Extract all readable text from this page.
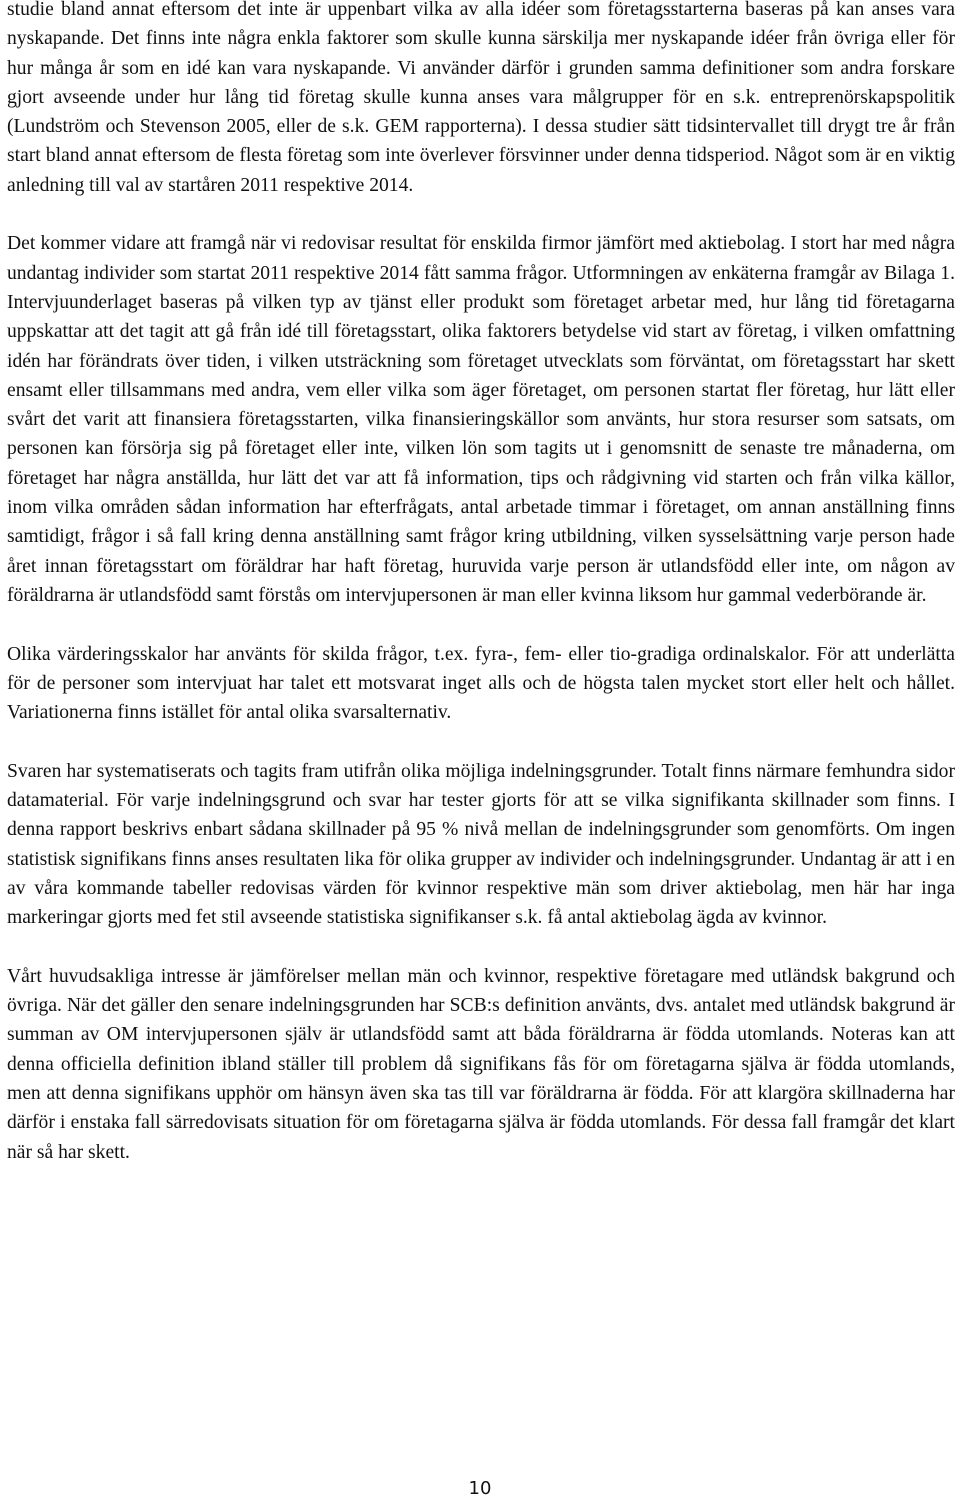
studie bland annat eftersom det inte är uppenbart vilka av alla idéer som företagsstarterna baseras på kan anses vara nyskapande. Det finns inte några enkla faktorer som skulle kunna särskilja mer nyskapande idéer från övriga eller för hur många år som en idé kan vara nyskapande. Vi använder därför i grunden samma definitioner som andra forskare gjort avseende under hur lång tid företag skulle kunna anses vara målgrupper för en s.k. entreprenörskapspolitik (Lundström och Stevenson 2005, eller de s.k. GEM rapporterna). I dessa studier sätt tidsintervallet till drygt tre år från start bland annat eftersom de flesta företag som inte överlever försvinner under denna tidsperiod. Något som är en viktig anledning till val av startåren 2011 respektive 2014.

Det kommer vidare att framgå när vi redovisar resultat för enskilda firmor jämfört med aktiebolag. I stort har med några undantag individer som startat 2011 respektive 2014 fått samma frågor. Utformningen av enkäterna framgår av Bilaga 1. Intervjuunderlaget baseras på vilken typ av tjänst eller produkt som företaget arbetar med, hur lång tid företagarna uppskattar att det tagit att gå från idé till företagsstart, olika faktorers betydelse vid start av företag, i vilken omfattning idén har förändrats över tiden, i vilken utsträckning som företaget utvecklats som förväntat, om företagsstart har skett ensamt eller tillsammans med andra, vem eller vilka som äger företaget, om personen startat fler företag, hur lätt eller svårt det varit att finansiera företagsstarten, vilka finansieringskällor som använts, hur stora resurser som satsats, om personen kan försörja sig på företaget eller inte, vilken lön som tagits ut i genomsnitt de senaste tre månaderna, om företaget har några anställda, hur lätt det var att få information, tips och rådgivning vid starten och från vilka källor, inom vilka områden sådan information har efterfrågats, antal arbetade timmar i företaget, om annan anställning finns samtidigt, frågor i så fall kring denna anställning samt frågor kring utbildning, vilken sysselsättning varje person hade året innan företagsstart om föräldrar har haft företag, huruvida varje person är utlandsfödd eller inte, om någon av föräldrarna är utlandsfödd samt förstås om intervjupersonen är man eller kvinna liksom hur gammal vederbörande är.

Olika värderingsskalor har använts för skilda frågor, t.ex. fyra-, fem- eller tio-gradiga ordinalskalor. För att underlätta för de personer som intervjuat har talet ett motsvarat inget alls och de högsta talen mycket stort eller helt och hållet. Variationerna finns istället för antal olika svarsalternativ.

Svaren har systematiserats och tagits fram utifrån olika möjliga indelningsgrunder. Totalt finns närmare femhundra sidor datamaterial. För varje indelningsgrund och svar har tester gjorts för att se vilka signifikanta skillnader som finns. I denna rapport beskrivs enbart sådana skillnader på 95 % nivå mellan de indelningsgrunder som genomförts. Om ingen statistisk signifikans finns anses resultaten lika för olika grupper av individer och indelningsgrunder. Undantag är att i en av våra kommande tabeller redovisas värden för kvinnor respektive män som driver aktiebolag, men här har inga markeringar gjorts med fet stil avseende statistiska signifikanser s.k. få antal aktiebolag ägda av kvinnor.

Vårt huvudsakliga intresse är jämförelser mellan män och kvinnor, respektive företagare med utländsk bakgrund och övriga. När det gäller den senare indelningsgrunden har SCB:s definition använts, dvs. antalet med utländsk bakgrund är summan av OM intervjupersonen själv är utlandsfödd samt att båda föräldrarna är födda utomlands. Noteras kan att denna officiella definition ibland ställer till problem då signifikans fås för om företagarna själva är födda utomlands, men att denna signifikans upphör om hänsyn även ska tas till var föräldrarna är födda. För att klargöra skillnaderna har därför i enstaka fall särredovisats situation för om företagarna själva är födda utomlands. För dessa fall framgår det klart när så har skett.

10
